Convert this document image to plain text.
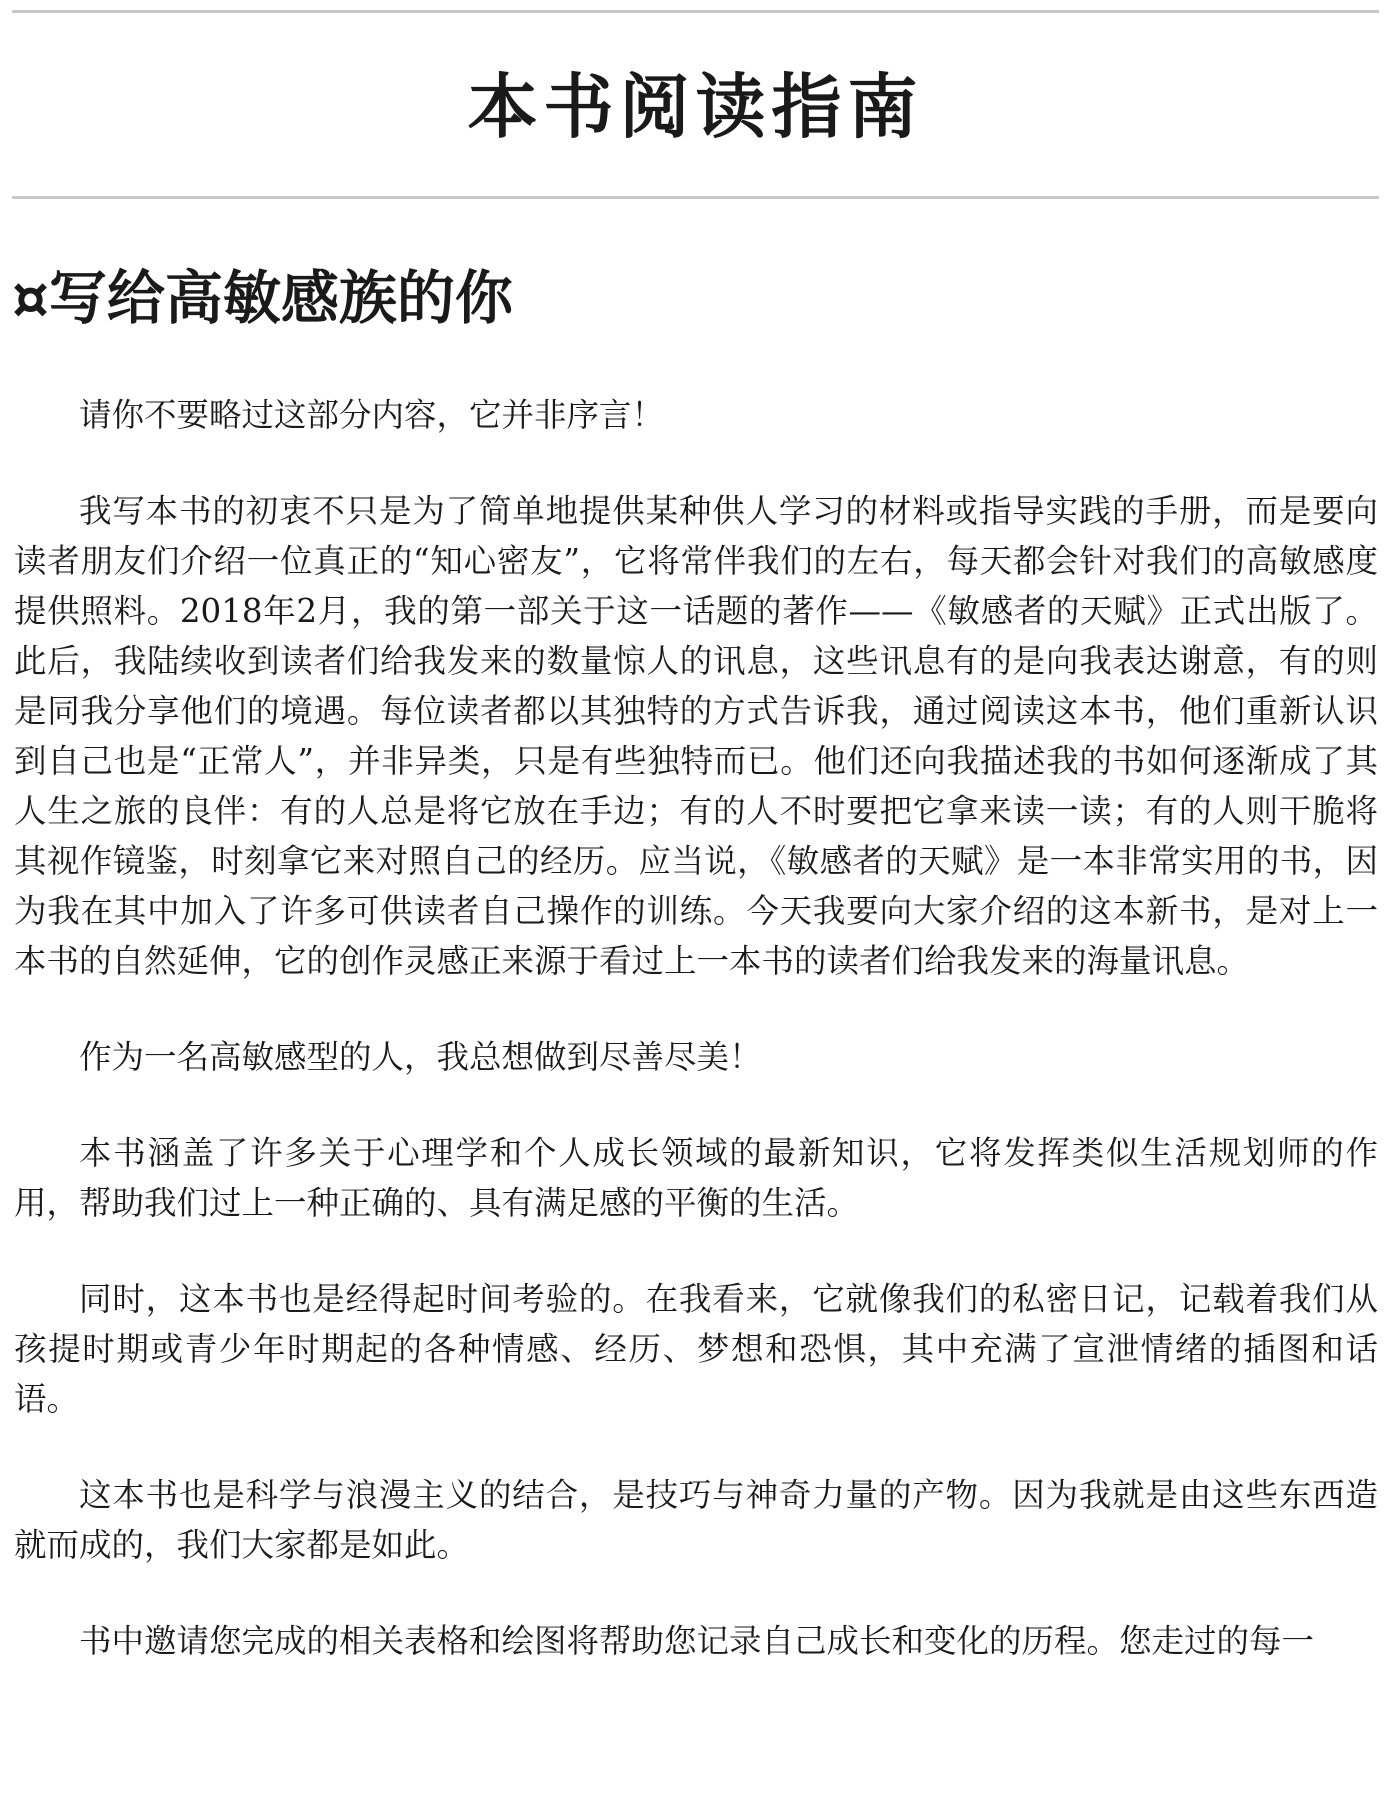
本书阅读指南
¤写给高敏感族的你

请你不要略过这部分内容，它并非序言！

我写本书的初衷不只是为了简单地提供某种供人学习的材料或指导实践的手册，而是要向读者朋友们介绍一位真正的“知心密友”，它将常伴我们的左右，每天都会针对我们的高敏感度提供照料。2018年2月，我的第一部关于这一话题的著作——《敏感者的天赋》正式出版了。此后，我陆续收到读者们给我发来的数量惊人的讯息，这些讯息有的是向我表达谢意，有的则是同我分享他们的境遇。每位读者都以其独特的方式告诉我，通过阅读这本书，他们重新认识到自己也是“正常人”，并非异类，只是有些独特而已。他们还向我描述我的书如何逐渐成了其人生之旅的良伴：有的人总是将它放在手边；有的人不时要把它拿来读一读；有的人则干脆将其视作镜鉴，时刻拿它来对照自己的经历。应当说，《敏感者的天赋》是一本非常实用的书，因为我在其中加入了许多可供读者自己操作的训练。今天我要向大家介绍的这本新书，是对上一本书的自然延伸，它的创作灵感正来源于看过上一本书的读者们给我发来的海量讯息。

作为一名高敏感型的人，我总想做到尽善尽美！

本书涵盖了许多关于心理学和个人成长领域的最新知识，它将发挥类似生活规划师的作用，帮助我们过上一种正确的、具有满足感的平衡的生活。

同时，这本书也是经得起时间考验的。在我看来，它就像我们的私密日记，记载着我们从孩提时期或青少年时期起的各种情感、经历、梦想和恐惧，其中充满了宣泄情绪的插图和话语。

这本书也是科学与浪漫主义的结合，是技巧与神奇力量的产物。因为我就是由这些东西造就而成的，我们大家都是如此。

书中邀请您完成的相关表格和绘图将帮助您记录自己成长和变化的历程。您走过的每一
